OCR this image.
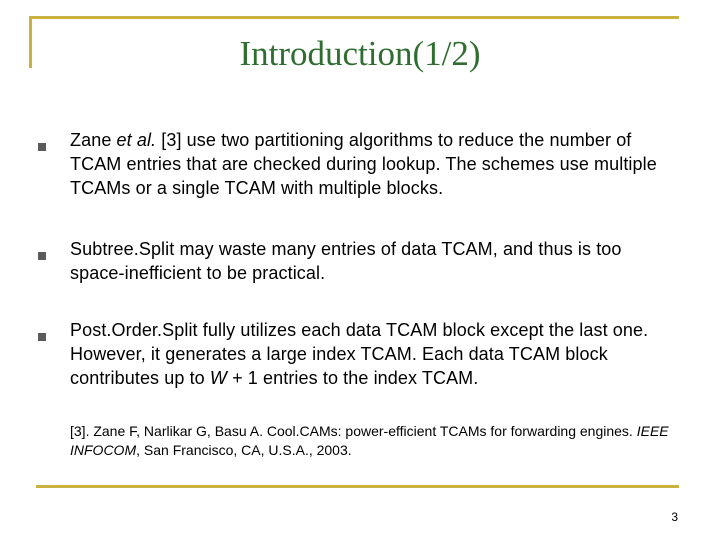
Introduction(1/2)
Zane et al. [3] use two partitioning algorithms to reduce the number of TCAM entries that are checked during lookup. The schemes use multiple TCAMs or a single TCAM with multiple blocks.
Subtree.Split may waste many entries of data TCAM, and thus is too space-inefficient to be practical.
Post.Order.Split fully utilizes each data TCAM block except the last one. However, it generates a large index TCAM. Each data TCAM block contributes up to W + 1 entries to the index TCAM.
[3]. Zane F, Narlikar G, Basu A. Cool.CAMs: power-efficient TCAMs for forwarding engines. IEEE INFOCOM, San Francisco, CA, U.S.A., 2003.
3
